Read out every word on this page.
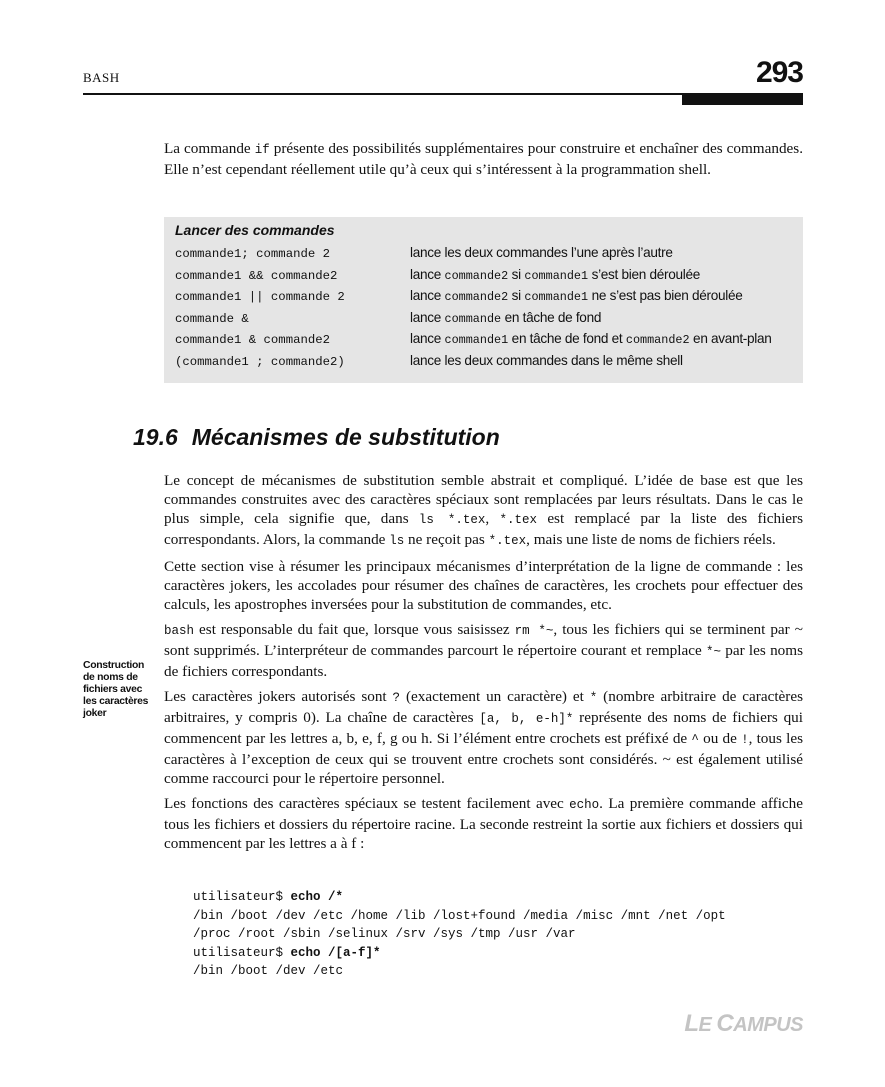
BASH	293
La commande if présente des possibilités supplémentaires pour construire et enchaîner des commandes. Elle n’est cependant réellement utile qu’à ceux qui s’intéressent à la programmation shell.
Lancer des commandes
commande1; commande 2	lance les deux commandes l’une après l’autre
commande1 && commande2	lance commande2 si commande1 s’est bien déroulée
commande1 || commande 2	lance commande2 si commande1 ne s’est pas bien déroulée
commande &	lance commande en tâche de fond
commande1 & commande2	lance commande1 en tâche de fond et commande2 en avant-plan
(commande1 ; commande2)	lance les deux commandes dans le même shell
19.6 Mécanismes de substitution
Construction de noms de fichiers avec les caractères joker

Le concept de mécanismes de substitution semble abstrait et compliqué. L’idée de base est que les commandes construites avec des caractères spéciaux sont remplacées par leurs résultats. Dans le cas le plus simple, cela signifie que, dans ls *.tex, *.tex est remplacé par la liste des fichiers correspondants. Alors, la commande ls ne reçoit pas *.tex, mais une liste de noms de fichiers réels.

Cette section vise à résumer les principaux mécanismes d’interprétation de la ligne de commande : les caractères jokers, les accolades pour résumer des chaînes de caractères, les crochets pour effectuer des calculs, les apostrophes inversées pour la substitution de commandes, etc.

bash est responsable du fait que, lorsque vous saisissez rm *~, tous les fichiers qui se terminent par ~ sont supprimés. L’interpréteur de commandes parcourt le répertoire courant et remplace *~ par les noms de fichiers correspondants.

Les caractères jokers autorisés sont ? (exactement un caractère) et * (nombre arbitraire de caractères arbitraires, y compris 0). La chaîne de caractères [a, b, e-h]* représente des noms de fichiers qui commencent par les lettres a, b, e, f, g ou h. Si l’élément entre crochets est préfixé de ^ ou de !, tous les caractères à l’exception de ceux qui se trouvent entre crochets sont considérés. ~ est également utilisé comme raccourci pour le répertoire personnel.

Les fonctions des caractères spéciaux se testent facilement avec echo. La première commande affiche tous les fichiers et dossiers du répertoire racine. La seconde restreint la sortie aux fichiers et dossiers qui commencent par les lettres a à f :

utilisateur$ echo /*
/bin /boot /dev /etc /home /lib /lost+found /media /misc /mnt /net /opt
/proc /root /sbin /selinux /srv /sys /tmp /usr /var
utilisateur$ echo /[a-f]*
/bin /boot /dev /etc
LE CAMPUS
